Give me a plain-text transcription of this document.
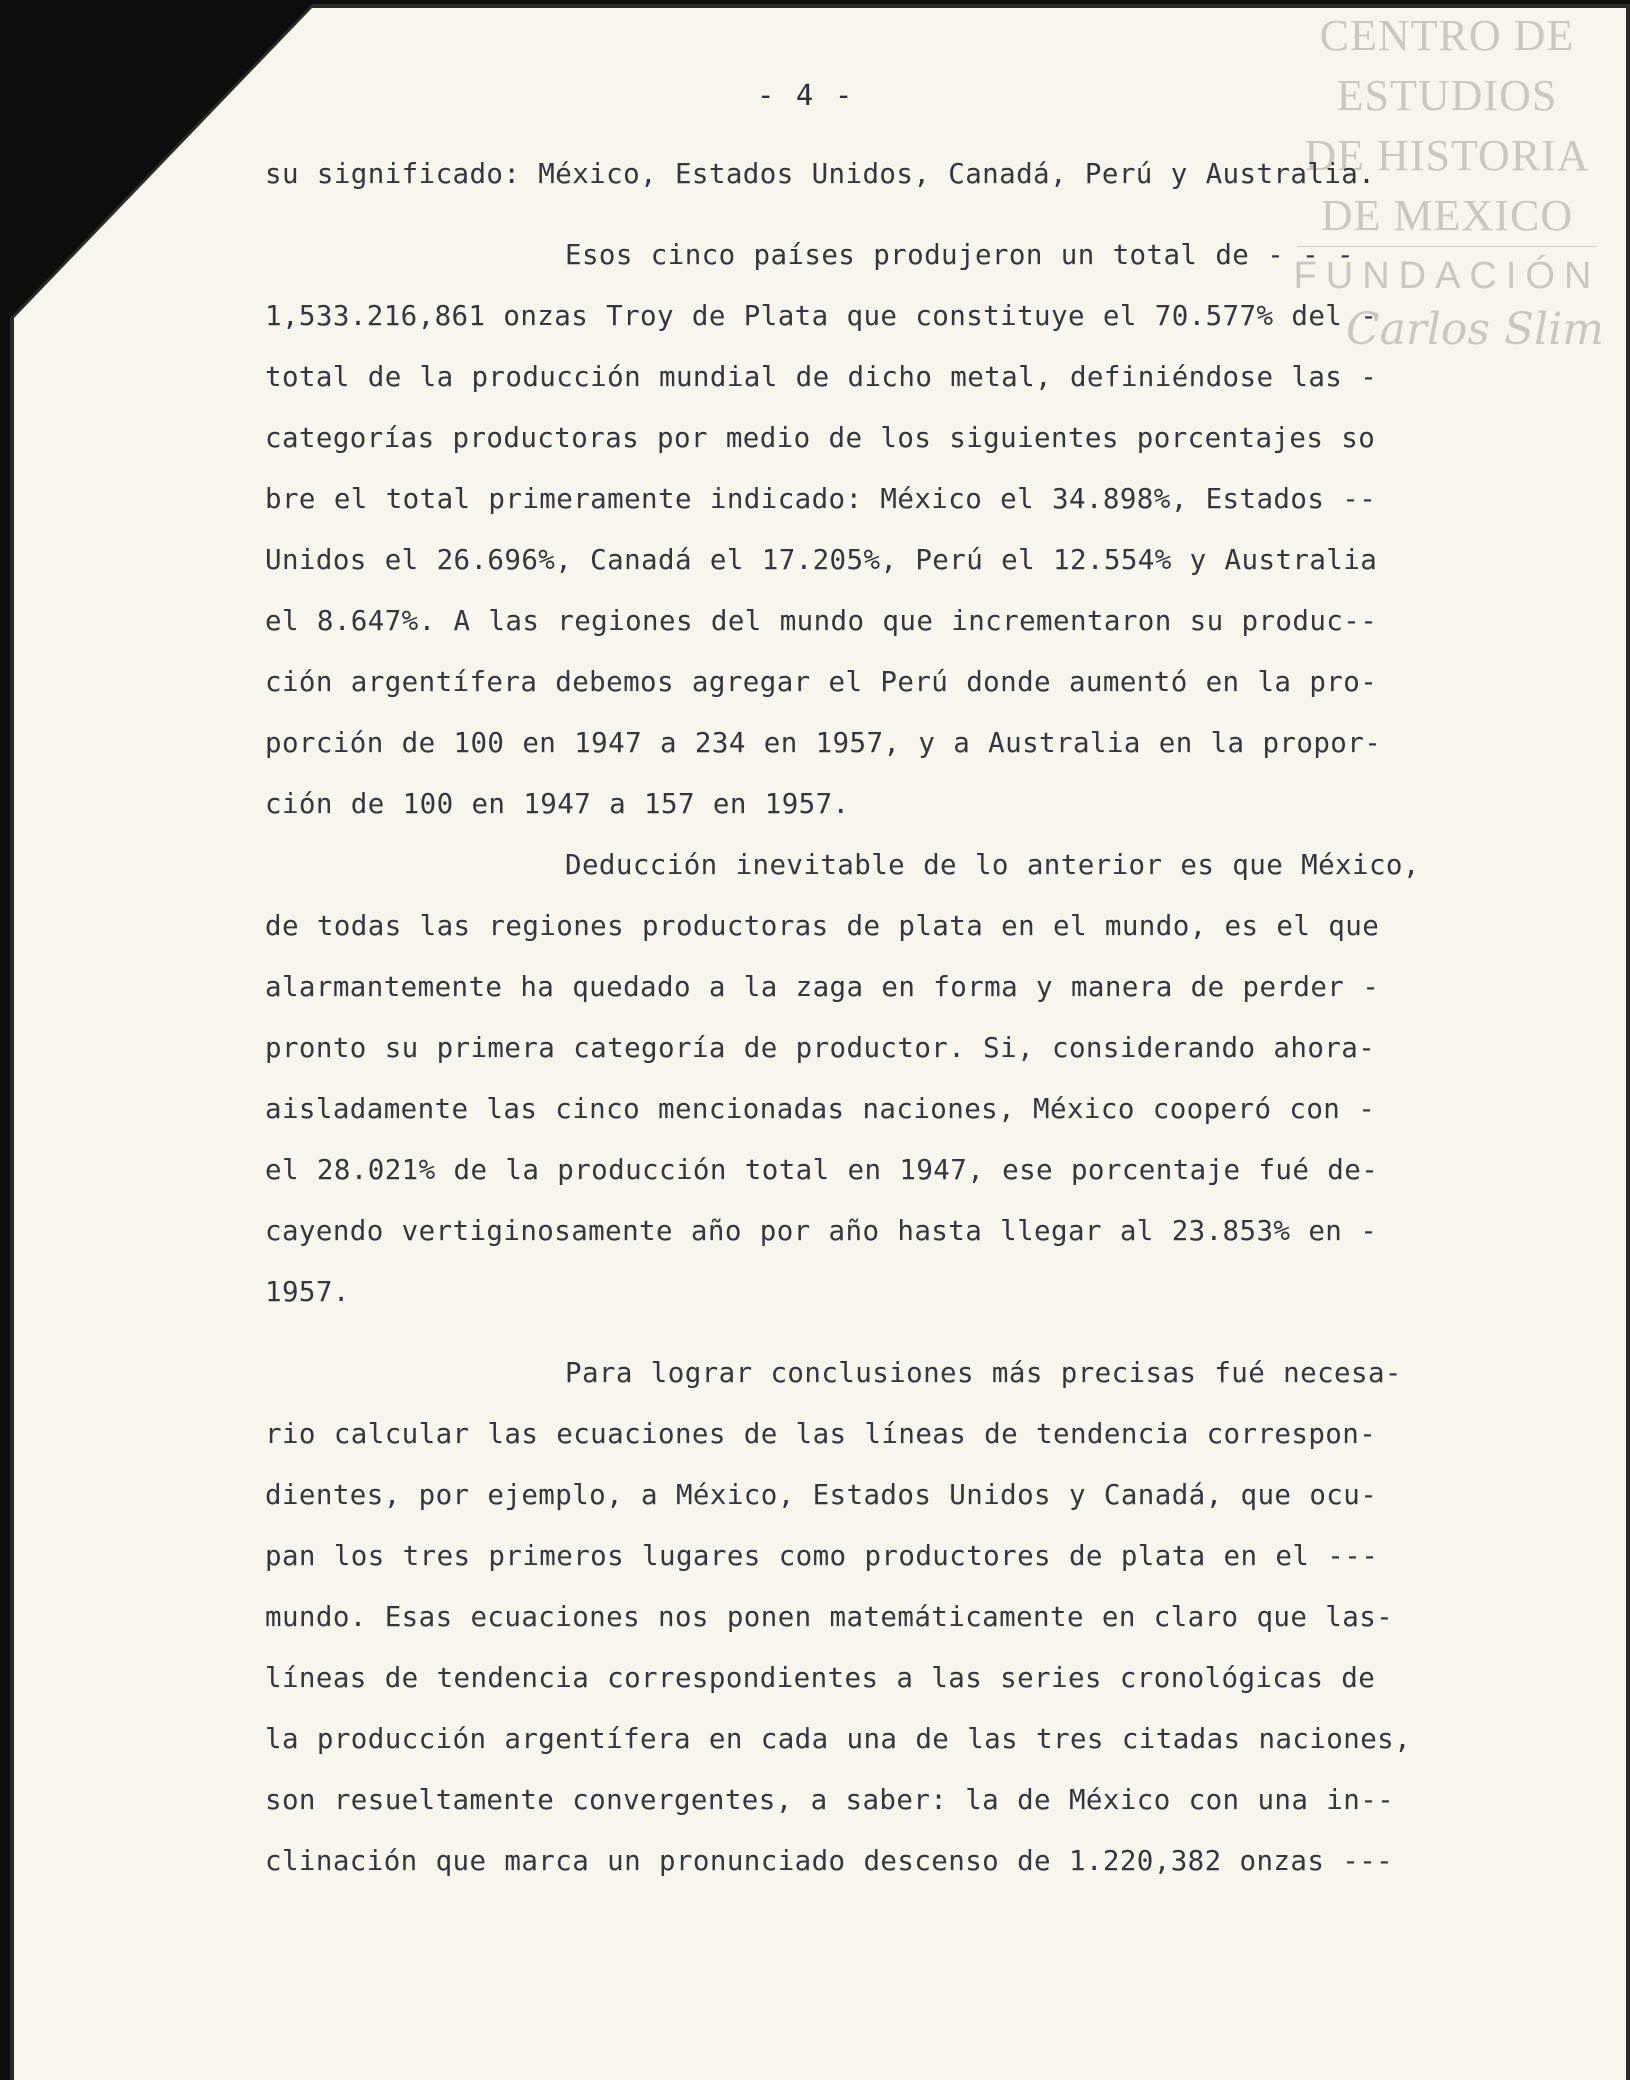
CENTRO DE
ESTUDIOS
DE HISTORIA
DE MEXICO
FUNDACIÓN
Carlos Slim
- 4 -
su significado: México, Estados Unidos, Canadá, Perú y Australia.
Esos cinco países produjeron un total de - - -
1,533.216,861 onzas Troy de Plata que constituye el 70.577% del -
total de la producción mundial de dicho metal, definiéndose las -
categorías productoras por medio de los siguientes porcentajes so
bre el total primeramente indicado: México el 34.898%, Estados --
Unidos el 26.696%, Canadá el 17.205%, Perú el 12.554% y Australia
el 8.647%. A las regiones del mundo que incrementaron su produc--
ción argentífera debemos agregar el Perú donde aumentó en la pro-
porción de 100 en 1947 a 234 en 1957, y a Australia en la propor-
ción de 100 en 1947 a 157 en 1957.
Deducción inevitable de lo anterior es que México,
de todas las regiones productoras de plata en el mundo, es el que
alarmantemente ha quedado a la zaga en forma y manera de perder -
pronto su primera categoría de productor. Si, considerando ahora-
aisladamente las cinco mencionadas naciones, México cooperó con -
el 28.021% de la producción total en 1947, ese porcentaje fué de-
cayendo vertiginosamente año por año hasta llegar al 23.853% en -
1957.
Para lograr conclusiones más precisas fué necesa-
rio calcular las ecuaciones de las líneas de tendencia correspon-
dientes, por ejemplo, a México, Estados Unidos y Canadá, que ocu-
pan los tres primeros lugares como productores de plata en el ---
mundo. Esas ecuaciones nos ponen matemáticamente en claro que las-
líneas de tendencia correspondientes a las series cronológicas de
la producción argentífera en cada una de las tres citadas naciones,
son resueltamente convergentes, a saber: la de México con una in--
clinación que marca un pronunciado descenso de 1.220,382 onzas ---
